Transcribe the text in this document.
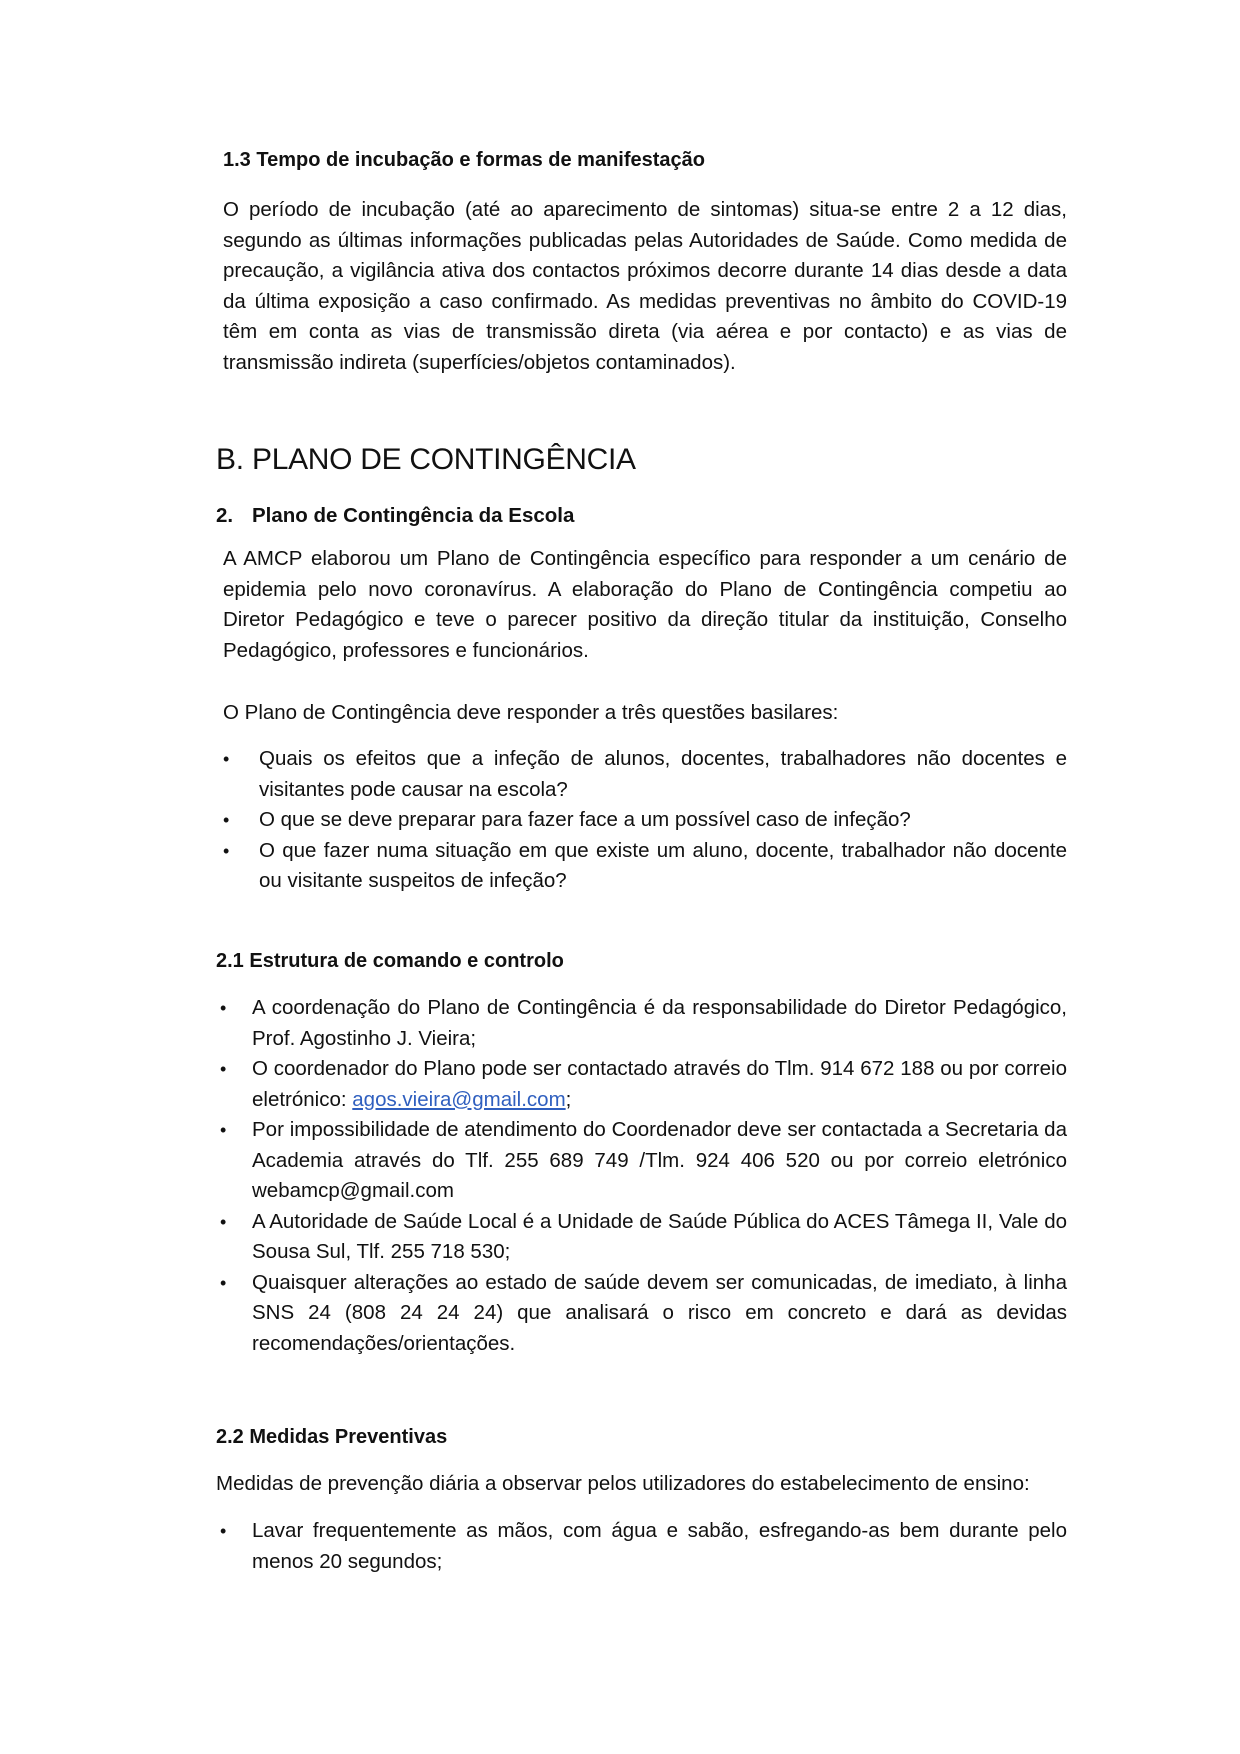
1.3 Tempo de incubação e formas de manifestação
O período de incubação (até ao aparecimento de sintomas) situa-se entre 2 a 12 dias, segundo as últimas informações publicadas pelas Autoridades de Saúde. Como medida de precaução, a vigilância ativa dos contactos próximos decorre durante 14 dias desde a data da última exposição a caso confirmado. As medidas preventivas no âmbito do COVID-19 têm em conta as vias de transmissão direta (via aérea e por contacto) e as vias de transmissão indireta (superfícies/objetos contaminados).
B. PLANO DE CONTINGÊNCIA
2. Plano de Contingência da Escola
A AMCP elaborou um Plano de Contingência específico para responder a um cenário de epidemia pelo novo coronavírus. A elaboração do Plano de Contingência competiu ao Diretor Pedagógico e teve o parecer positivo da direção titular da instituição, Conselho Pedagógico, professores e funcionários.
O Plano de Contingência deve responder a três questões basilares:
• Quais os efeitos que a infeção de alunos, docentes, trabalhadores não docentes e visitantes pode causar na escola?
• O que se deve preparar para fazer face a um possível caso de infeção?
• O que fazer numa situação em que existe um aluno, docente, trabalhador não docente ou visitante suspeitos de infeção?
2.1 Estrutura de comando e controlo
• A coordenação do Plano de Contingência é da responsabilidade do Diretor Pedagógico, Prof. Agostinho J. Vieira;
• O coordenador do Plano pode ser contactado através do Tlm. 914 672 188 ou por correio eletrónico: agos.vieira@gmail.com;
• Por impossibilidade de atendimento do Coordenador deve ser contactada a Secretaria da Academia através do Tlf. 255 689 749 /Tlm. 924 406 520 ou por correio eletrónico webamcp@gmail.com
• A Autoridade de Saúde Local é a Unidade de Saúde Pública do ACES Tâmega II, Vale do Sousa Sul, Tlf. 255 718 530;
• Quaisquer alterações ao estado de saúde devem ser comunicadas, de imediato, à linha SNS 24 (808 24 24 24) que analisará o risco em concreto e dará as devidas recomendações/orientações.
2.2 Medidas Preventivas
Medidas de prevenção diária a observar pelos utilizadores do estabelecimento de ensino:
• Lavar frequentemente as mãos, com água e sabão, esfregando-as bem durante pelo menos 20 segundos;
